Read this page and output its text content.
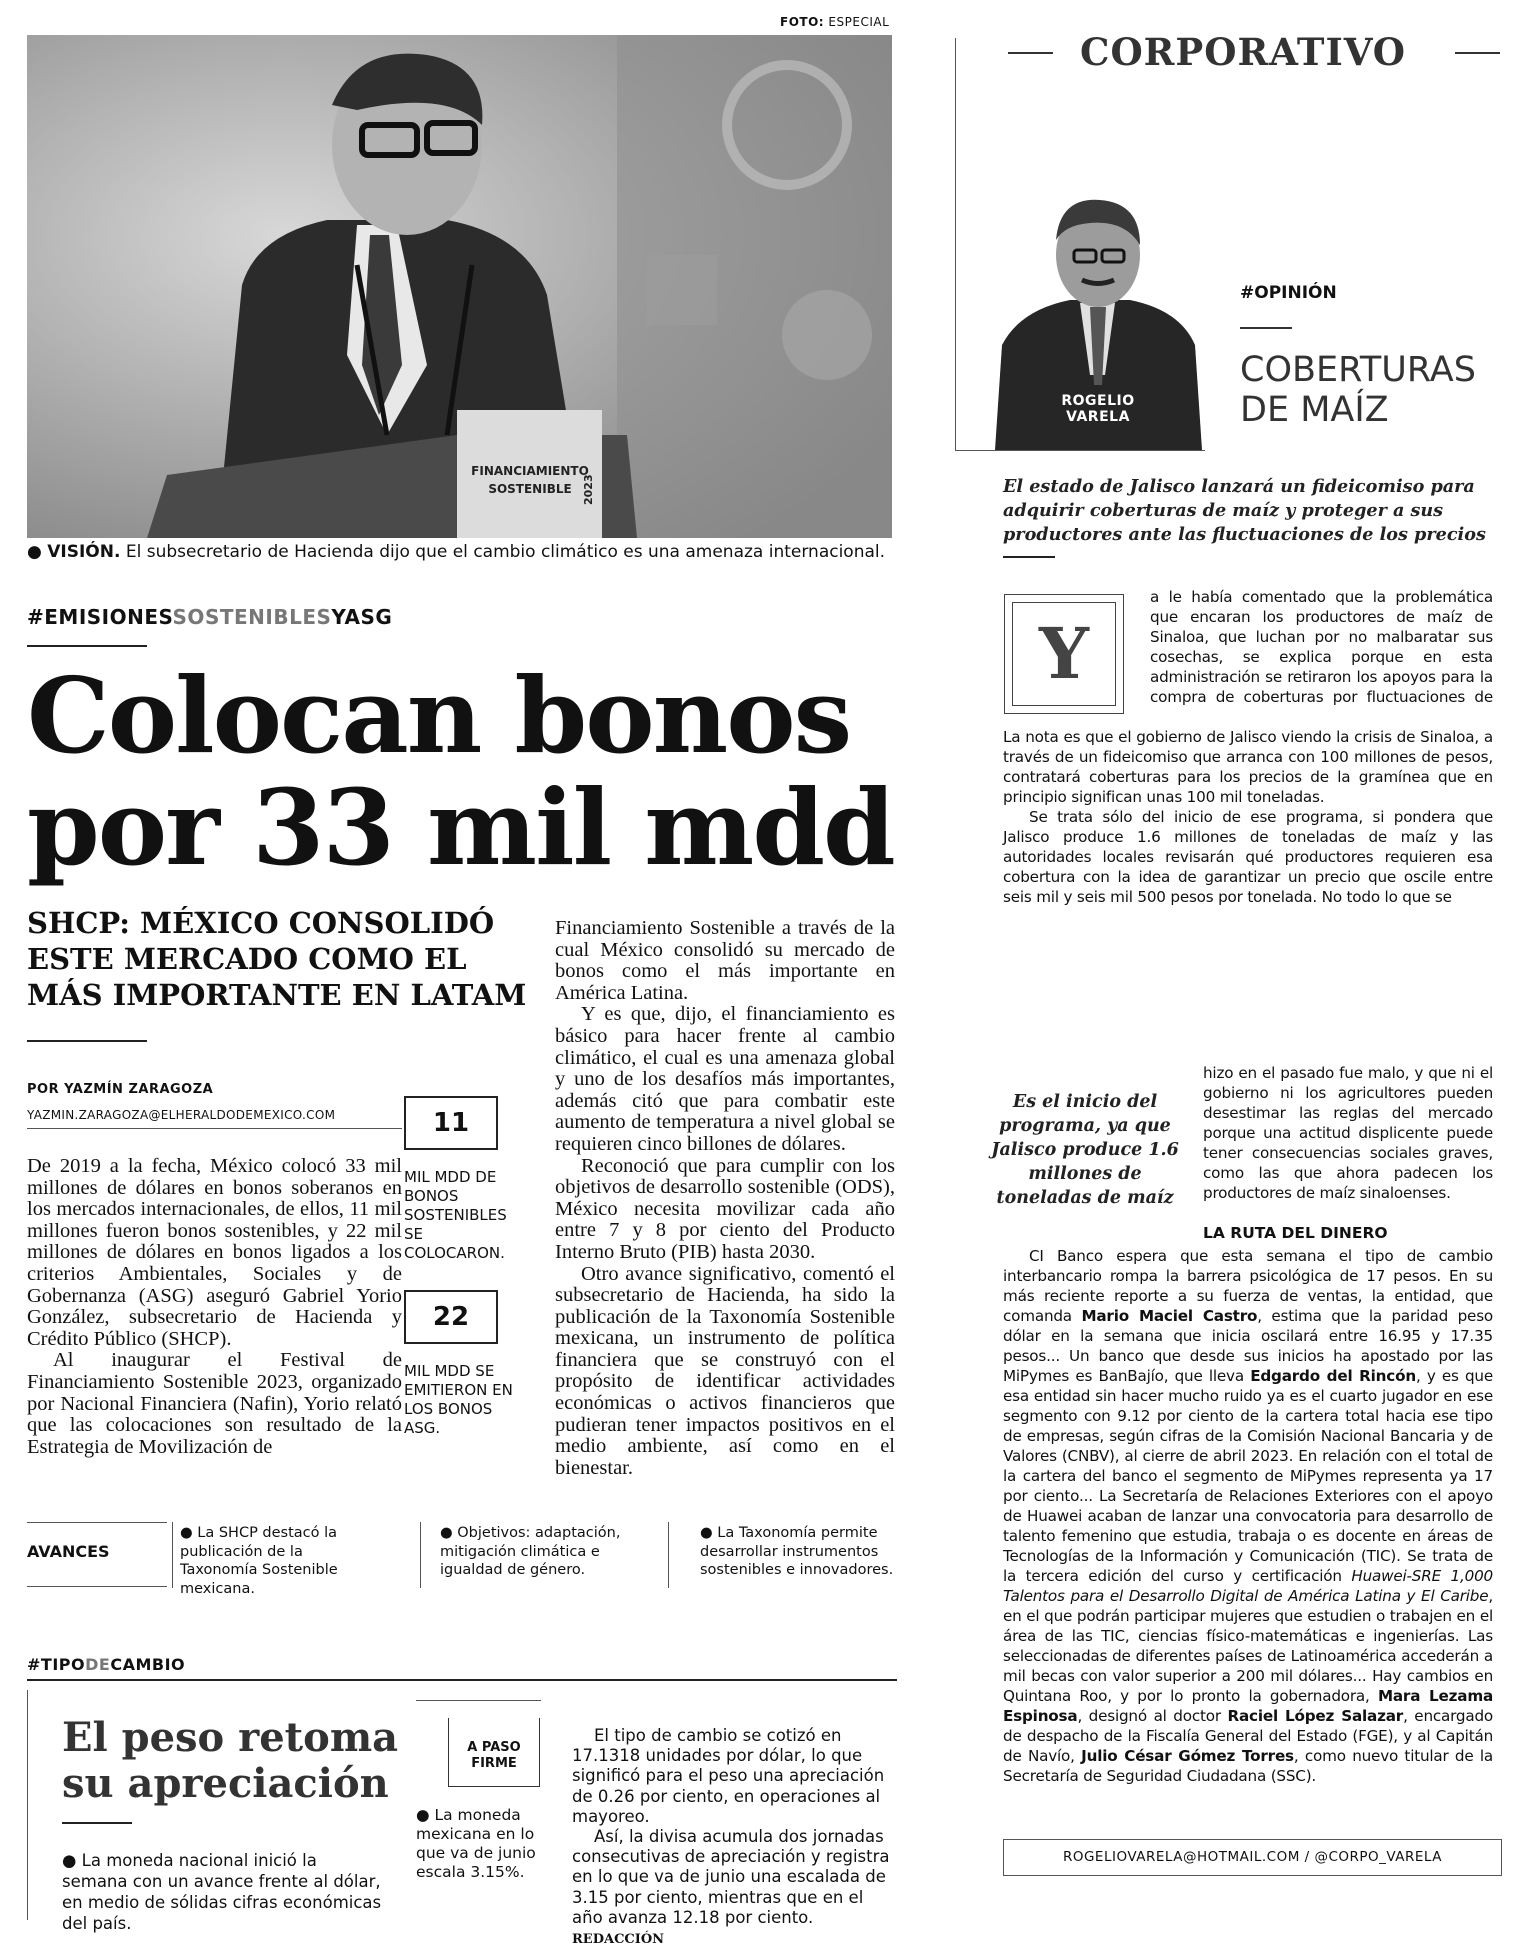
FOTO: ESPECIAL
FINANCIAMIENTO
SOSTENIBLE 2023
● VISIÓN. El subsecretario de Hacienda dijo que el cambio climático es una amenaza internacional.
#EMISIONESSOSTENIBLESYASG
Colocan bonos
por 33 mil mdd
SHCP: MÉXICO CONSOLIDÓ ESTE MERCADO COMO EL MÁS IMPORTANTE EN LATAM
POR YAZMÍN ZARAGOZA
YAZMIN.ZARAGOZA@ELHERALDODEMEXICO.COM

De 2019 a la fecha, México colocó 33 mil millones de dólares en bonos soberanos en los mercados internacionales, de ellos, 11 mil millones fueron bonos sostenibles, y 22 mil millones de dólares en bonos ligados a los criterios Ambientales, Sociales y de Gobernanza (ASG) aseguró Gabriel Yorio González, subsecretario de Hacienda y Crédito Público (SHCP).

Al inaugurar el Festival de Financiamiento Sostenible 2023, organizado por Nacional Financiera (Nafin), Yorio relató que las colocaciones son resultado de la Estrategia de Movilización de

11
MIL MDD DE BONOS SOSTENIBLES SE COLOCARON.
22
MIL MDD SE EMITIERON EN LOS BONOS ASG.

Financiamiento Sostenible a través de la cual México consolidó su mercado de bonos como el más importante en América Latina.

Y es que, dijo, el financiamiento es básico para hacer frente al cambio climático, el cual es una amenaza global y uno de los desafíos más importantes, además citó que para combatir este aumento de temperatura a nivel global se requieren cinco billones de dólares.

Reconoció que para cumplir con los objetivos de desarrollo sostenible (ODS), México necesita movilizar cada año entre 7 y 8 por ciento del Producto Interno Bruto (PIB) hasta 2030.

Otro avance significativo, comentó el subsecretario de Hacienda, ha sido la publicación de la Taxonomía Sostenible mexicana, un instrumento de política financiera que se construyó con el propósito de identificar actividades económicas o activos financieros que pudieran tener impactos positivos en el medio ambiente, así como en el bienestar.

AVANCES
● La SHCP destacó la publicación de la Taxonomía Sostenible mexicana.
● Objetivos: adaptación, mitigación climática e igualdad de género.
● La Taxonomía permite desarrollar instrumentos sostenibles e innovadores.
#TIPODECAMBIO
El peso retoma su apreciación
● La moneda nacional inició la semana con un avance frente al dólar, en medio de sólidas cifras económicas del país.
A PASO FIRME
● La moneda mexicana en lo que va de junio escala 3.15%.

El tipo de cambio se cotizó en 17.1318 unidades por dólar, lo que significó para el peso una apreciación de 0.26 por ciento, en operaciones al mayoreo.

Así, la divisa acumula dos jornadas consecutivas de apreciación y registra en lo que va de junio una escalada de 3.15 por ciento, mientras que en el año avanza 12.18 por ciento. REDACCIÓN

CORPORATIVO
ROGELIO
VARELA
#OPINIÓN
COBERTURAS DE MAÍZ
El estado de Jalisco lanzará un fideicomiso para adquirir coberturas de maíz y proteger a sus productores ante las fluctuaciones de los precios
Y

a le había comentado que la problemática que encaran los productores de maíz de Sinaloa, que luchan por no malbaratar sus cosechas, se explica porque en esta administración se retiraron los apoyos para la compra de coberturas por fluctuaciones de

La nota es que el gobierno de Jalisco viendo la crisis de Sinaloa, a través de un fideicomiso que arranca con 100 millones de pesos, contratará coberturas para los precios de la gramínea que en principio significan unas 100 mil toneladas.

Se trata sólo del inicio de ese programa, si pondera que Jalisco produce 1.6 millones de toneladas de maíz y las autoridades locales revisarán qué productores requieren esa cobertura con la idea de garantizar un precio que oscile entre seis mil y seis mil 500 pesos por tonelada. No todo lo que se

hizo en el pasado fue malo, y que ni el gobierno ni los agricultores pueden desestimar las reglas del mercado porque una actitud displicente puede tener consecuencias sociales graves, como las que ahora padecen los productores de maíz sinaloenses.

Es el inicio del programa, ya que Jalisco produce 1.6 millones de toneladas de maíz
LA RUTA DEL DINERO

CI Banco espera que esta semana el tipo de cambio interbancario rompa la barrera psicológica de 17 pesos. En su más reciente reporte a su fuerza de ventas, la entidad, que comanda Mario Maciel Castro, estima que la paridad peso dólar en la semana que inicia oscilará entre 16.95 y 17.35 pesos... Un banco que desde sus inicios ha apostado por las MiPymes es BanBajío, que lleva Edgardo del Rincón, y es que esa entidad sin hacer mucho ruido ya es el cuarto jugador en ese segmento con 9.12 por ciento de la cartera total hacia ese tipo de empresas, según cifras de la Comisión Nacional Bancaria y de Valores (CNBV), al cierre de abril 2023. En relación con el total de la cartera del banco el segmento de MiPymes representa ya 17 por ciento... La Secretaría de Relaciones Exteriores con el apoyo de Huawei acaban de lanzar una convocatoria para desarrollo de talento femenino que estudia, trabaja o es docente en áreas de Tecnologías de la Información y Comunicación (TIC). Se trata de la tercera edición del curso y certificación Huawei-SRE 1,000 Talentos para el Desarrollo Digital de América Latina y El Caribe, en el que podrán participar mujeres que estudien o trabajen en el área de las TIC, ciencias físico-matemáticas e ingenierías. Las seleccionadas de diferentes países de Latinoamérica accederán a mil becas con valor superior a 200 mil dólares... Hay cambios en Quintana Roo, y por lo pronto la gobernadora, Mara Lezama Espinosa, designó al doctor Raciel López Salazar, encargado de despacho de la Fiscalía General del Estado (FGE), y al Capitán de Navío, Julio César Gómez Torres, como nuevo titular de la Secretaría de Seguridad Ciudadana (SSC).

ROGELIOVARELA@HOTMAIL.COM / @CORPO_VARELA
